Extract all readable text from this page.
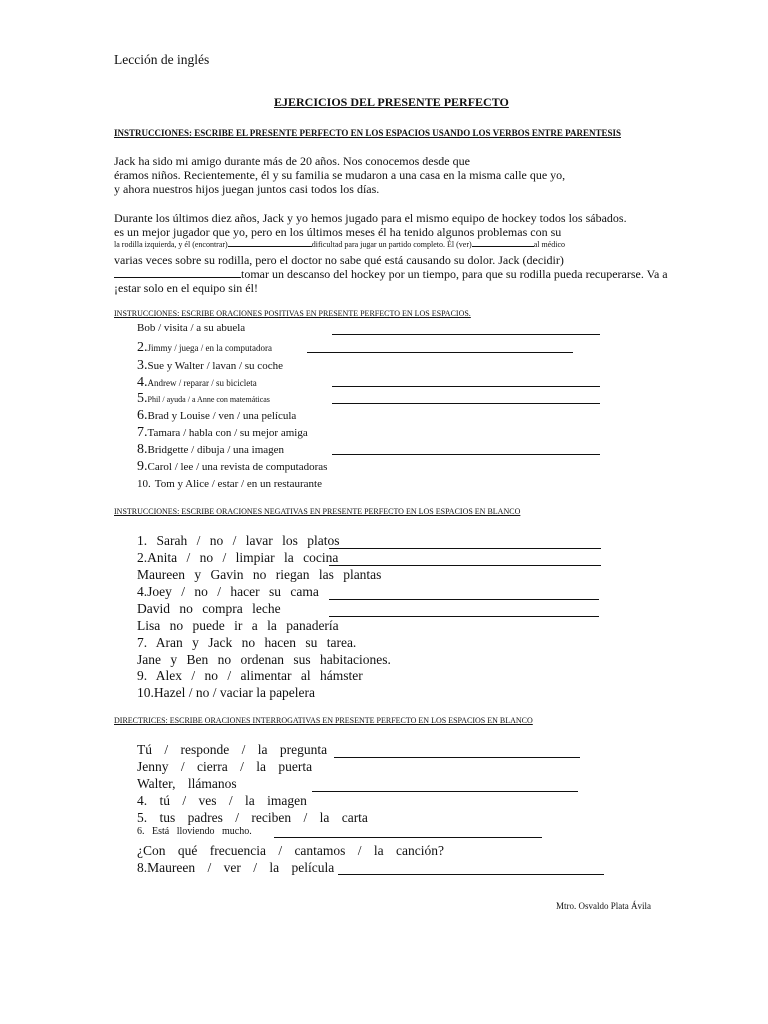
Lección de inglés
EJERCICIOS DEL PRESENTE PERFECTO
INSTRUCCIONES: ESCRIBE EL PRESENTE PERFECTO EN LOS ESPACIOS USANDO LOS VERBOS ENTRE PARENTESIS
Jack ha sido mi amigo durante más de 20 años. Nos conocemos desde que
éramos niños. Recientemente, él y su familia se mudaron a una casa en la misma calle que yo,
y ahora nuestros hijos juegan juntos casi todos los días.
Durante los últimos diez años, Jack y yo hemos jugado para el mismo equipo de hockey todos los sábados.
es un mejor jugador que yo, pero en los últimos meses él ha tenido algunos problemas con su
la rodilla izquierda, y él (encontrar)	dificultad para jugar un partido completo. Él (ver)	al médico
varias veces sobre su rodilla, pero el doctor no sabe qué está causando su dolor. Jack (decidir)
tomar un descanso del hockey por un tiempo, para que su rodilla pueda recuperarse. Va a
¡estar solo en el equipo sin él!
INSTRUCCIONES: ESCRIBE ORACIONES POSITIVAS EN PRESENTE PERFECTO EN LOS ESPACIOS.
Bob / visita / a su abuela
2.Jimmy / juega / en la computadora
3.Sue y Walter / lavan / su coche
4.Andrew / reparar / su bicicleta
5.Phil / ayuda / a Anne con matemáticas
6.Brad y Louise / ven / una película
7.Tamara / habla con / su mejor amiga
8.Bridgette / dibuja / una imagen
9.Carol / lee / una revista de computadoras
10. Tom y Alice / estar / en un restaurante
INSTRUCCIONES: ESCRIBE ORACIONES NEGATIVAS EN PRESENTE PERFECTO EN LOS ESPACIOS EN BLANCO
1. Sarah / no / lavar los platos
2.Anita / no / limpiar la cocina
Maureen y Gavin no riegan las plantas
4.Joey / no / hacer su cama
David no compra leche
Lisa no puede ir a la panadería
7. Aran y Jack no hacen su tarea.
Jane y Ben no ordenan sus habitaciones.
9. Alex / no / alimentar al hámster
10.Hazel / no / vaciar la papelera
DIRECTRICES: ESCRIBE ORACIONES INTERROGATIVAS EN PRESENTE PERFECTO EN LOS ESPACIOS EN BLANCO
Tú / responde / la pregunta
Jenny / cierra / la puerta
Walter, llámanos
4. tú / ves / la imagen
5. tus padres / reciben / la carta
6. Está lloviendo mucho.
¿Con qué frecuencia / cantamos / la canción?
8.Maureen / ver / la película
Mtro. Osvaldo Plata Ávila
